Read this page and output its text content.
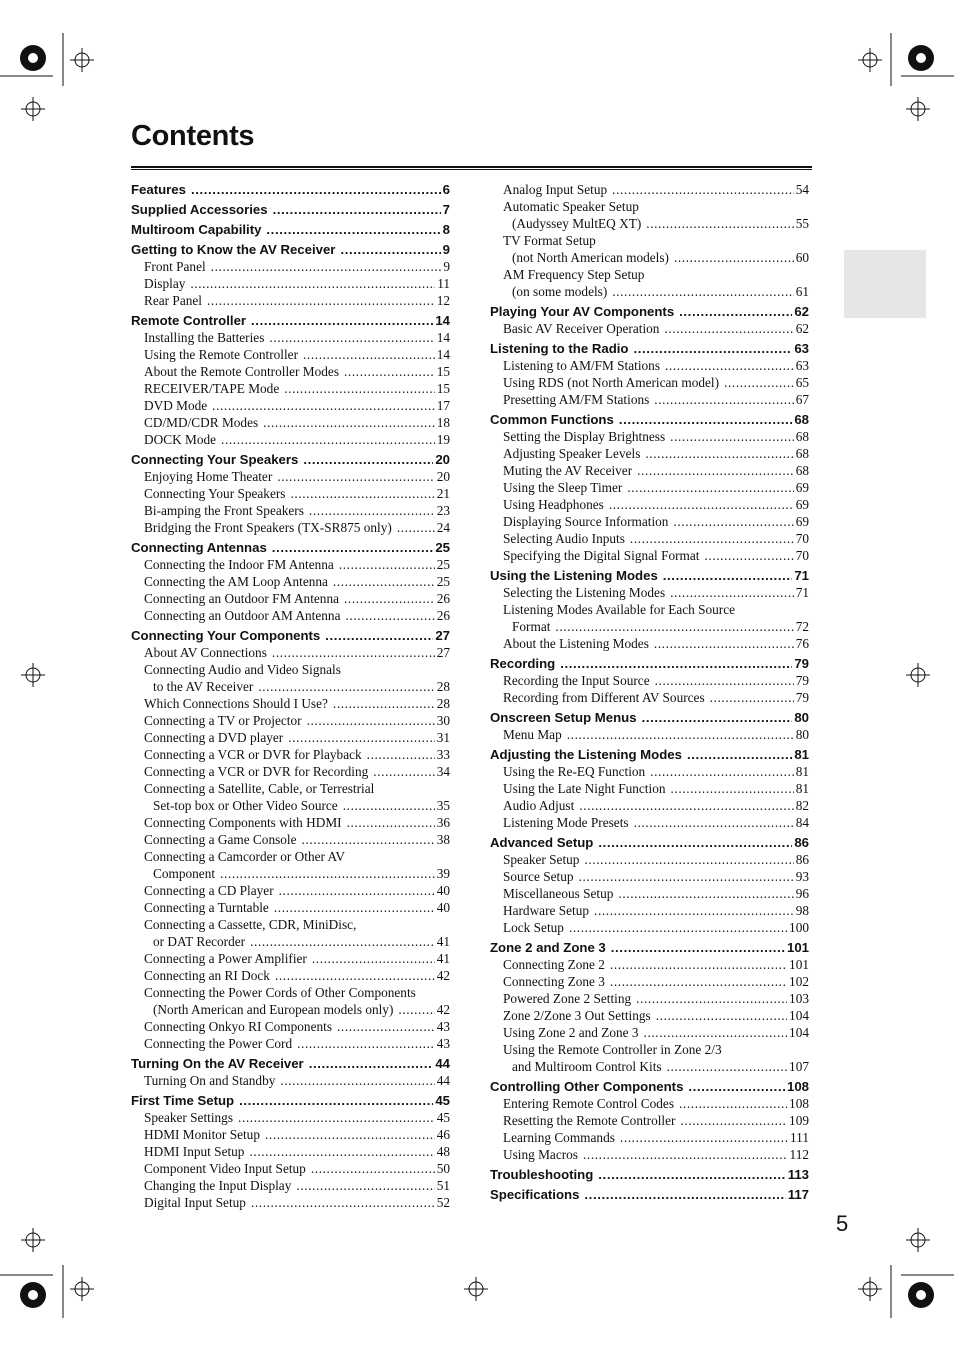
Contents
Features .....	6
Supplied Accessories .....	7
Multiroom Capability .....	8
Getting to Know the AV Receiver .....	9
Front Panel .....	9
Display .....	11
Rear Panel .....	12
Remote Controller .....	14
Installing the Batteries .....	14
Using the Remote Controller .....	14
About the Remote Controller Modes .....	15
RECEIVER/TAPE Mode .....	15
DVD Mode .....	17
CD/MD/CDR Modes .....	18
DOCK Mode .....	19
Connecting Your Speakers .....	20
Enjoying Home Theater .....	20
Connecting Your Speakers .....	21
Bi-amping the Front Speakers .....	23
Bridging the Front Speakers (TX-SR875 only) .....	24
Connecting Antennas .....	25
Connecting the Indoor FM Antenna .....	25
Connecting the AM Loop Antenna .....	25
Connecting an Outdoor FM Antenna .....	26
Connecting an Outdoor AM Antenna .....	26
Connecting Your Components .....	27
About AV Connections .....	27
Connecting Audio and Video Signals
to the AV Receiver .....	28
Which Connections Should I Use? .....	28
Connecting a TV or Projector .....	30
Connecting a DVD player .....	31
Connecting a VCR or DVR for Playback .....	33
Connecting a VCR or DVR for Recording .....	34
Connecting a Satellite, Cable, or Terrestrial
Set-top box or Other Video Source .....	35
Connecting Components with HDMI .....	36
Connecting a Game Console .....	38
Connecting a Camcorder or Other AV
Component .....	39
Connecting a CD Player .....	40
Connecting a Turntable .....	40
Connecting a Cassette, CDR, MiniDisc,
or DAT Recorder .....	41
Connecting a Power Amplifier .....	41
Connecting an RI Dock .....	42
Connecting the Power Cords of Other Components
(North American and European models only) .....	42
Connecting Onkyo RI Components .....	43
Connecting the Power Cord .....	43
Turning On the AV Receiver .....	44
Turning On and Standby .....	44
First Time Setup .....	45
Speaker Settings .....	45
HDMI Monitor Setup .....	46
HDMI Input Setup .....	48
Component Video Input Setup .....	50
Changing the Input Display .....	51
Digital Input Setup .....	52
Analog Input Setup .....	54
Automatic Speaker Setup
(Audyssey MultEQ XT) .....	55
TV Format Setup
(not North American models) .....	60
AM Frequency Step Setup
(on some models) .....	61
Playing Your AV Components .....	62
Basic AV Receiver Operation .....	62
Listening to the Radio .....	63
Listening to AM/FM Stations .....	63
Using RDS (not North American model) .....	65
Presetting AM/FM Stations .....	67
Common Functions .....	68
Setting the Display Brightness .....	68
Adjusting Speaker Levels .....	68
Muting the AV Receiver .....	68
Using the Sleep Timer .....	69
Using Headphones .....	69
Displaying Source Information .....	69
Selecting Audio Inputs .....	70
Specifying the Digital Signal Format .....	70
Using the Listening Modes .....	71
Selecting the Listening Modes .....	71
Listening Modes Available for Each Source
Format .....	72
About the Listening Modes .....	76
Recording .....	79
Recording the Input Source .....	79
Recording from Different AV Sources .....	79
Onscreen Setup Menus .....	80
Menu Map .....	80
Adjusting the Listening Modes .....	81
Using the Re-EQ Function .....	81
Using the Late Night Function .....	81
Audio Adjust .....	82
Listening Mode Presets .....	84
Advanced Setup .....	86
Speaker Setup .....	86
Source Setup .....	93
Miscellaneous Setup .....	96
Hardware Setup .....	98
Lock Setup .....	100
Zone 2 and Zone 3 .....	101
Connecting Zone 2 .....	101
Connecting Zone 3 .....	102
Powered Zone 2 Setting .....	103
Zone 2/Zone 3 Out Settings .....	104
Using Zone 2 and Zone 3 .....	104
Using the Remote Controller in Zone 2/3
and Multiroom Control Kits .....	107
Controlling Other Components .....	108
Entering Remote Control Codes .....	108
Resetting the Remote Controller .....	109
Learning Commands .....	111
Using Macros .....	112
Troubleshooting .....	113
Specifications .....	117
5
